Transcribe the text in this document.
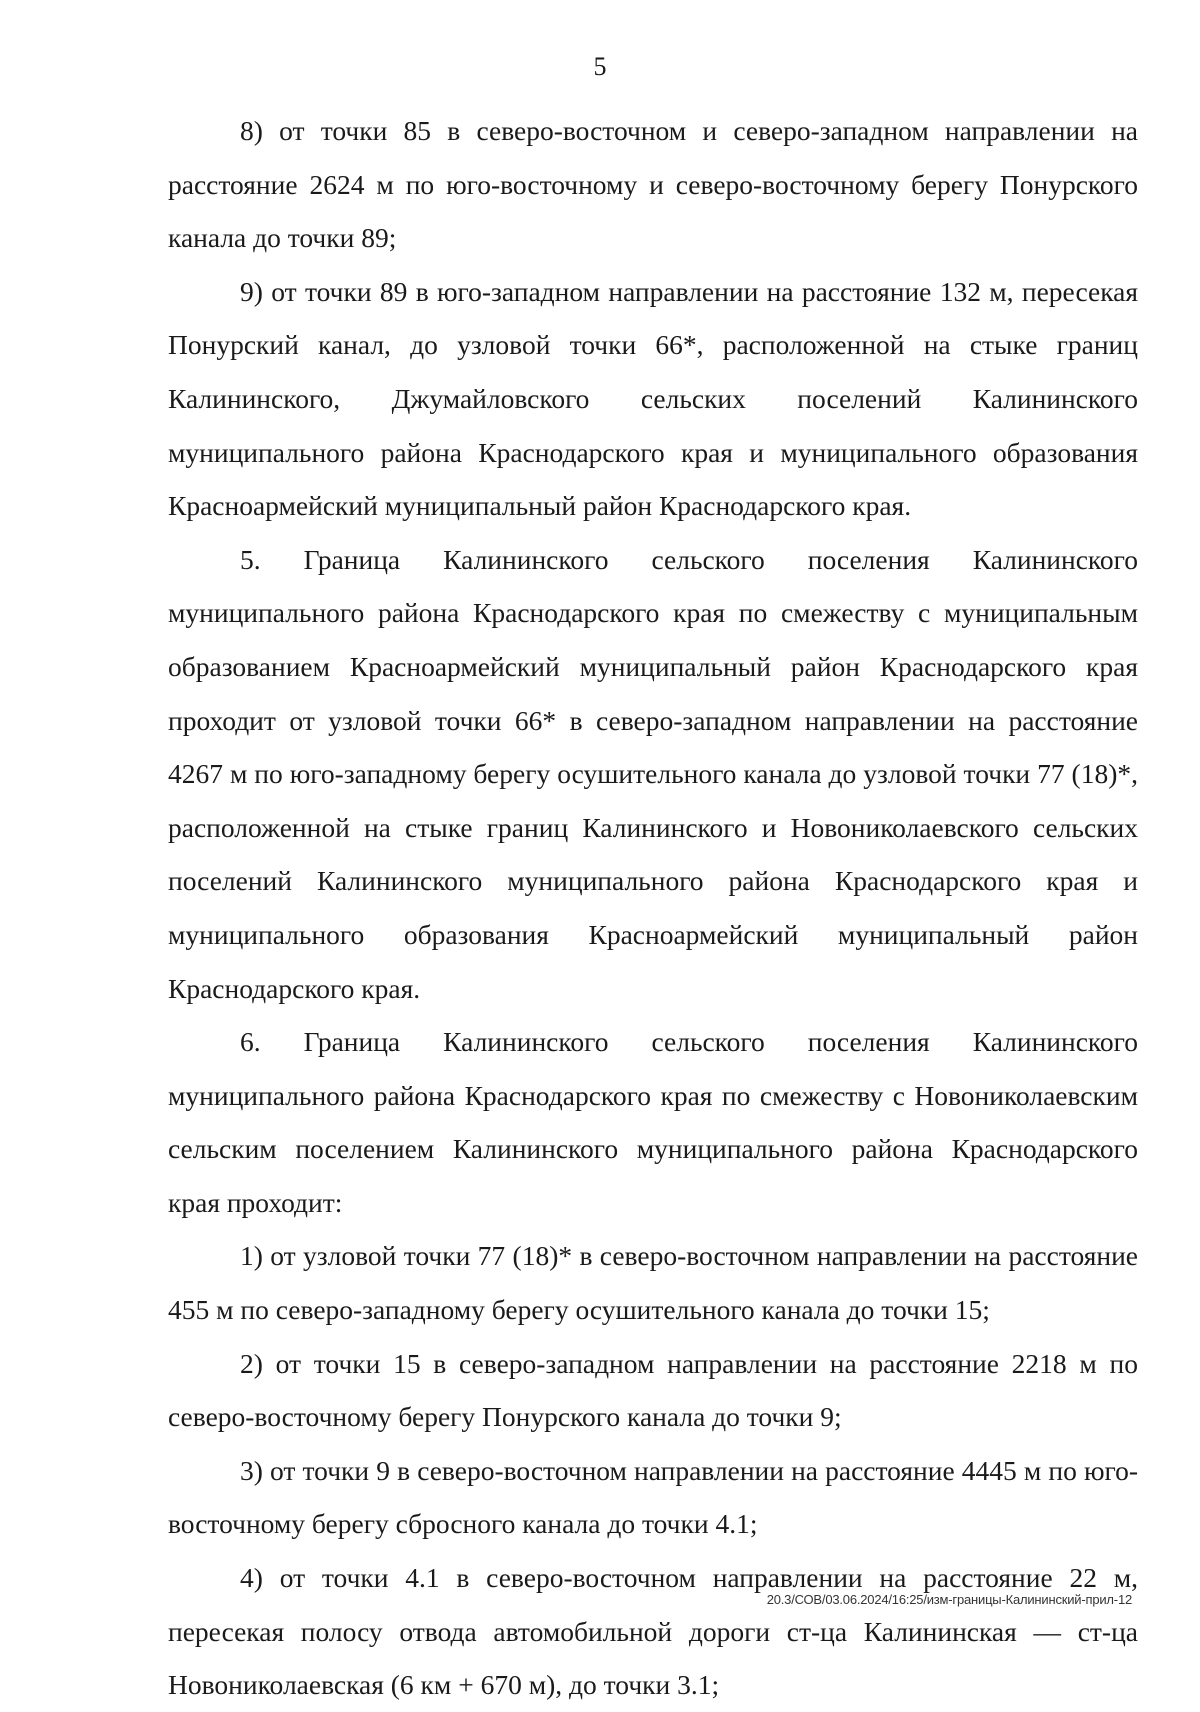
5

8) от точки 85 в северо-восточном и северо-западном направлении на расстояние 2624 м по юго-восточному и северо-восточному берегу Понурского канала до точки 89;

9) от точки 89 в юго-западном направлении на расстояние 132 м, пересекая Понурский канал, до узловой точки 66*, расположенной на стыке границ Калининского, Джумайловского сельских поселений Калининского муниципального района Краснодарского края и муниципального образования Красноармейский муниципальный район Краснодарского края.

5. Граница Калининского сельского поселения Калининского муниципального района Краснодарского края по смежеству с муниципальным образованием Красноармейский муниципальный район Краснодарского края проходит от узловой точки 66* в северо-западном направлении на расстояние 4267 м по юго-западному берегу осушительного канала до узловой точки 77 (18)*, расположенной на стыке границ Калининского и Новониколаевского сельских поселений Калининского муниципального района Краснодарского края и муниципального образования Красноармейский муниципальный район Краснодарского края.

6. Граница Калининского сельского поселения Калининского муниципального района Краснодарского края по смежеству с Новониколаевским сельским поселением Калининского муниципального района Краснодарского края проходит:

1) от узловой точки 77 (18)* в северо-восточном направлении на расстояние 455 м по северо-западному берегу осушительного канала до точки 15;

2) от точки 15 в северо-западном направлении на расстояние 2218 м по северо-восточному берегу Понурского канала до точки 9;

3) от точки 9 в северо-восточном направлении на расстояние 4445 м по юго-восточному берегу сбросного канала до точки 4.1;

4) от точки 4.1 в северо-восточном направлении на расстояние 22 м, пересекая полосу отвода автомобильной дороги ст-ца Калининская — ст-ца Новониколаевская (6 км + 670 м), до точки 3.1;

20.3/СОВ/03.06.2024/16:25/изм-границы-Калининский-прил-12
